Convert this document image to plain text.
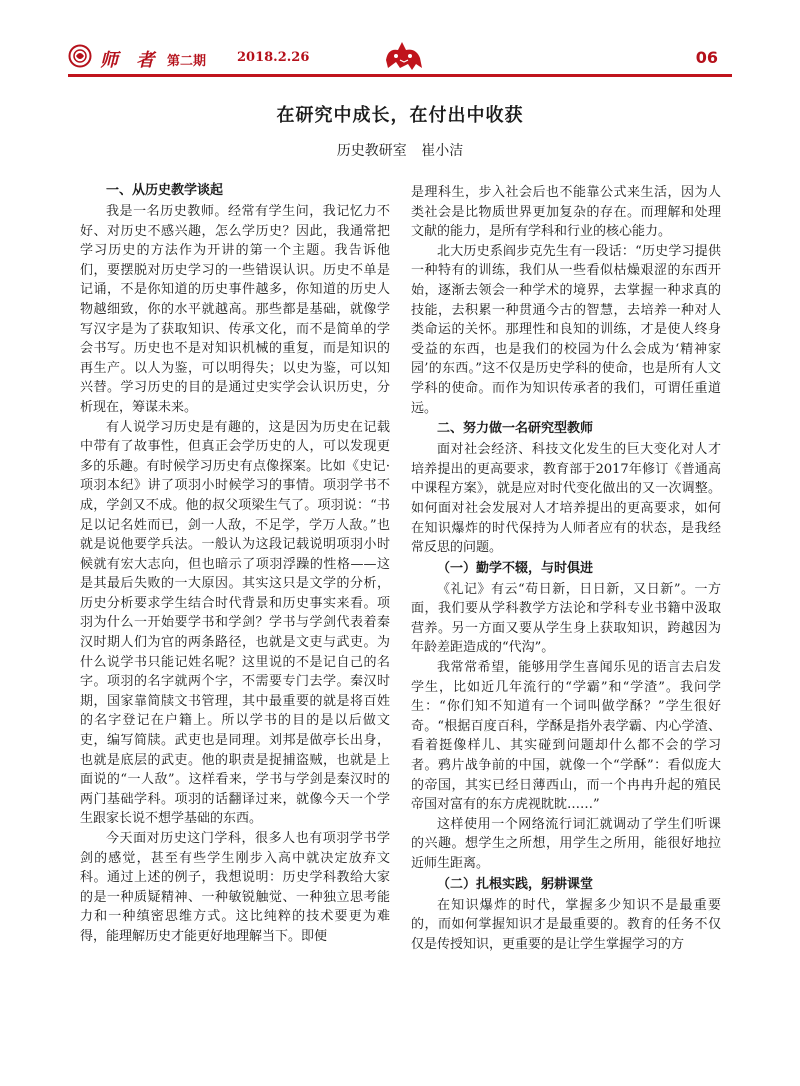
师 者 第二期 2018.2.26	06
在研究中成长，在付出中收获
历史教研室 崔小洁
一、从历史教学谈起

我是一名历史教师。经常有学生问，我记忆力不好、对历史不感兴趣，怎么学历史？因此，我通常把学习历史的方法作为开讲的第一个主题。我告诉他们，要摆脱对历史学习的一些错误认识。历史不单是记诵，不是你知道的历史事件越多，你知道的历史人物越细致，你的水平就越高。那些都是基础，就像学写汉字是为了获取知识、传承文化，而不是简单的学会书写。历史也不是对知识机械的重复，而是知识的再生产。以人为鉴，可以明得失；以史为鉴，可以知兴替。学习历史的目的是通过史实学会认识历史，分析现在，筹谋未来。

有人说学习历史是有趣的，这是因为历史在记载中带有了故事性，但真正会学历史的人，可以发现更多的乐趣。有时候学习历史有点像探案。比如《史记·项羽本纪》讲了项羽小时候学习的事情。项羽学书不成，学剑又不成。他的叔父项梁生气了。项羽说：“书足以记名姓而已，剑一人敌，不足学，学万人敌。”也就是说他要学兵法。一般认为这段记载说明项羽小时候就有宏大志向，但也暗示了项羽浮躁的性格——这是其最后失败的一大原因。其实这只是文学的分析，历史分析要求学生结合时代背景和历史事实来看。项羽为什么一开始要学书和学剑？学书与学剑代表着秦汉时期人们为官的两条路径，也就是文吏与武吏。为什么说学书只能记姓名呢？这里说的不是记自己的名字。项羽的名字就两个字，不需要专门去学。秦汉时期，国家靠简牍文书管理，其中最重要的就是将百姓的名字登记在户籍上。所以学书的目的是以后做文吏，编写简牍。武吏也是同理。刘邦是做亭长出身，也就是底层的武吏。他的职责是捉捕盗贼，也就是上面说的“一人敌”。这样看来，学书与学剑是秦汉时的两门基础学科。项羽的话翻译过来，就像今天一个学生跟家长说不想学基础的东西。

今天面对历史这门学科，很多人也有项羽学书学剑的感觉，甚至有些学生刚步入高中就决定放弃文科。通过上述的例子，我想说明：历史学科教给大家的是一种质疑精神、一种敏锐触觉、一种独立思考能力和一种缜密思维方式。这比纯粹的技术要更为难得，能理解历史才能更好地理解当下。即便

是理科生，步入社会后也不能靠公式来生活，因为人类社会是比物质世界更加复杂的存在。而理解和处理文献的能力，是所有学科和行业的核心能力。

北大历史系阎步克先生有一段话：“历史学习提供一种特有的训练，我们从一些看似枯燥艰涩的东西开始，逐渐去领会一种学术的境界，去掌握一种求真的技能，去积累一种贯通今古的智慧，去培养一种对人类命运的关怀。那理性和良知的训练，才是使人终身受益的东西，也是我们的校园为什么会成为‘精神家园’的东西。”这不仅是历史学科的使命，也是所有人文学科的使命。而作为知识传承者的我们，可谓任重道远。

二、努力做一名研究型教师

面对社会经济、科技文化发生的巨大变化对人才培养提出的更高要求，教育部于2017年修订《普通高中课程方案》，就是应对时代变化做出的又一次调整。如何面对社会发展对人才培养提出的更高要求，如何在知识爆炸的时代保持为人师者应有的状态，是我经常反思的问题。

（一）勤学不辍，与时俱进

《礼记》有云“苟日新，日日新，又日新”。一方面，我们要从学科教学方法论和学科专业书籍中汲取营养。另一方面又要从学生身上获取知识，跨越因为年龄差距造成的“代沟”。

我常常希望，能够用学生喜闻乐见的语言去启发学生，比如近几年流行的“学霸”和“学渣”。我问学生：“你们知不知道有一个词叫做学酥？”学生很好奇。“根据百度百科，学酥是指外表学霸、内心学渣、看着挺像样儿、其实碰到问题却什么都不会的学习者。鸦片战争前的中国，就像一个“学酥”：看似庞大的帝国，其实已经日薄西山，而一个冉冉升起的殖民帝国对富有的东方虎视眈眈……”

这样使用一个网络流行词汇就调动了学生们听课的兴趣。想学生之所想，用学生之所用，能很好地拉近师生距离。

（二）扎根实践，躬耕课堂

在知识爆炸的时代，掌握多少知识不是最重要的，而如何掌握知识才是最重要的。教育的任务不仅仅是传授知识，更重要的是让学生掌握学习的方
